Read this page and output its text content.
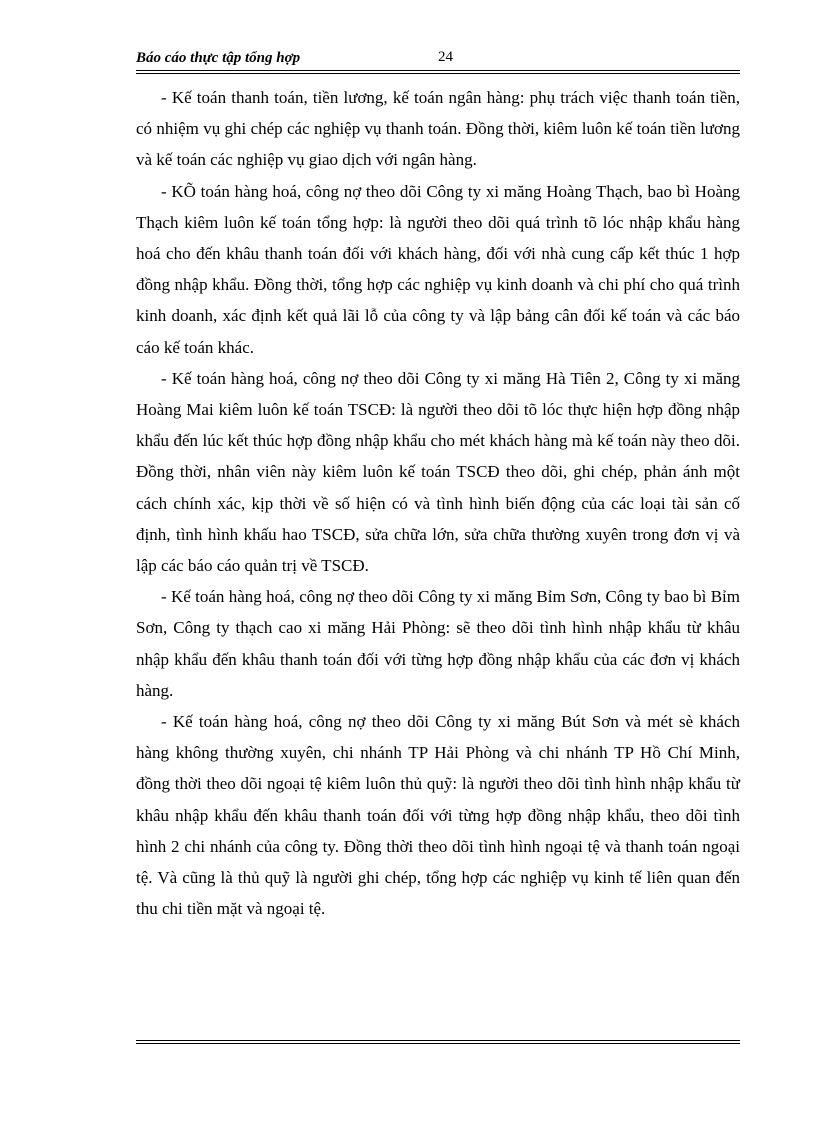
Báo cáo thực tập tổng hợp	24

- Kế toán thanh toán, tiền lương, kế toán ngân hàng: phụ trách việc thanh toán tiền, có nhiệm vụ ghi chép các nghiệp vụ thanh toán. Đồng thời, kiêm luôn kế toán tiền lương và kế toán các nghiệp vụ giao dịch với ngân hàng.

- KÕ toán hàng hoá, công nợ theo dõi Công ty xi măng Hoàng Thạch, bao bì Hoàng Thạch kiêm luôn kế toán tổng hợp: là người theo dõi quá trình tõ lóc nhập khẩu hàng hoá cho đến khâu thanh toán đối với khách hàng, đối với nhà cung cấp kết thúc 1 hợp đồng nhập khẩu. Đồng thời, tổng hợp các nghiệp vụ kinh doanh và chi phí cho quá trình kinh doanh, xác định kết quả lãi lỗ của công ty và lập bảng cân đối kế toán và các báo cáo kế toán khác.

- Kế toán hàng hoá, công nợ theo dõi Công ty xi măng Hà Tiên 2, Công ty xi măng Hoàng Mai kiêm luôn kế toán TSCĐ: là người theo dõi tõ lóc thực hiện hợp đồng nhập khẩu đến lúc kết thúc hợp đồng nhập khẩu cho mét khách hàng mà kế toán này theo dõi. Đồng thời, nhân viên này kiêm luôn kế toán TSCĐ theo dõi, ghi chép, phản ánh một cách chính xác, kịp thời về số hiện có và tình hình biến động của các loại tài sản cố định, tình hình khấu hao TSCĐ, sửa chữa lớn, sửa chữa thường xuyên trong đơn vị và lập các báo cáo quản trị về TSCĐ.

- Kế toán hàng hoá, công nợ theo dõi Công ty xi măng Bỉm Sơn, Công ty bao bì Bỉm Sơn, Công ty thạch cao xi măng Hải Phòng: sẽ theo dõi tình hình nhập khẩu từ khâu nhập khẩu đến khâu thanh toán đối với từng hợp đồng nhập khẩu của các đơn vị khách hàng.

- Kế toán hàng hoá, công nợ theo dõi Công ty xi măng Bút Sơn và mét sè khách hàng không thường xuyên, chi nhánh TP Hải Phòng và chi nhánh TP Hồ Chí Minh, đồng thời theo dõi ngoại tệ kiêm luôn thủ quỹ: là người theo dõi tình hình nhập khẩu từ khâu nhập khẩu đến khâu thanh toán đối với từng hợp đồng nhập khẩu, theo dõi tình hình 2 chi nhánh của công ty. Đồng thời theo dõi tình hình ngoại tệ và thanh toán ngoại tệ. Và cũng là thủ quỹ là người ghi chép, tổng hợp các nghiệp vụ kinh tế liên quan đến thu chi tiền mặt và ngoại tệ.
